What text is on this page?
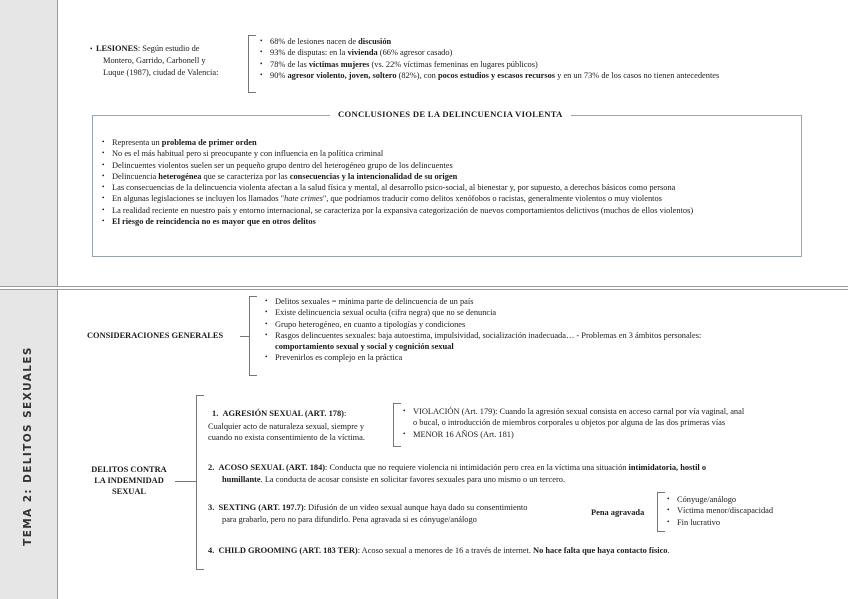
TEMA 2: DELITOS SEXUALES
•  LESIONES: Según estudio de
Montero, Garrido, Carbonell y
Luque (1987), ciudad de Valencia:
• 68% de lesiones nacen de discusión
• 93% de disputas: en la vivienda (66% agresor casado)
• 78% de las víctimas mujeres (vs. 22% víctimas femeninas en lugares públicos)
• 90% agresor violento, joven, soltero (82%), con pocos estudios y escasos recursos y en un 73% de los casos no tienen antecedentes
CONCLUSIONES DE LA DELINCUENCIA VIOLENTA
• Representa un problema de primer orden
• No es el más habitual pero si preocupante y con influencia en la política criminal
• Delincuentes violentos suelen ser un pequeño grupo dentro del heterogéneo grupo de los delincuentes
• Delincuencia heterogénea que se caracteriza por las consecuencias y la intencionalidad de su origen
• Las consecuencias de la delincuencia violenta afectan a la salud física y mental, al desarrollo psico-social, al bienestar y, por supuesto, a derechos básicos como persona
• En algunas legislaciones se incluyen los llamados "hate crimes", que podríamos traducir como delitos xenófobos o racistas, generalmente violentos o muy violentos
• La realidad reciente en nuestro país y entorno internacional, se caracteriza por la expansiva categorización de nuevos comportamientos delictivos (muchos de ellos violentos)
• El riesgo de reincidencia no es mayor que en otros delitos
CONSIDERACIONES GENERALES
• Delitos sexuales = mínima parte de delincuencia de un país
• Existe delincuencia sexual oculta (cifra negra) que no se denuncia
• Grupo heterogéneo, en cuanto a tipologías y condiciones
• Rasgos delincuentes sexuales: baja autoestima, impulsividad, socialización inadecuada… - Problemas en 3 ámbitos personales:
comportamiento sexual y social y cognición sexual
• Prevenirlos es complejo en la práctica
DELITOS CONTRA
LA INDEMNIDAD
SEXUAL
1. AGRESIÓN SEXUAL (ART. 178):
Cualquier acto de naturaleza sexual, siempre y
cuando no exista consentimiento de la víctima.
• VIOLACIÓN (Art. 179): Cuando la agresión sexual consista en acceso carnal por vía vaginal, anal
o bucal, o introducción de miembros corporales u objetos por alguna de las dos primeras vías
• MENOR 16 AÑOS (Art. 181)
2. ACOSO SEXUAL (ART. 184): Conducta que no requiere violencia ni intimidación pero crea en la víctima una situación intimidatoria, hostil o
humillante. La conducta de acosar consiste en solicitar favores sexuales para uno mismo o un tercero.
3. SEXTING (ART. 197.7): Difusión de un video sexual aunque haya dado su consentimiento
para grabarlo, pero no para difundirlo. Pena agravada si es cónyuge/análogo
Pena agravada
• Cónyuge/análogo
• Víctima menor/discapacidad
• Fin lucrativo
4. CHILD GROOMING (ART. 183 TER): Acoso sexual a menores de 16 a través de internet. No hace falta que haya contacto físico.
